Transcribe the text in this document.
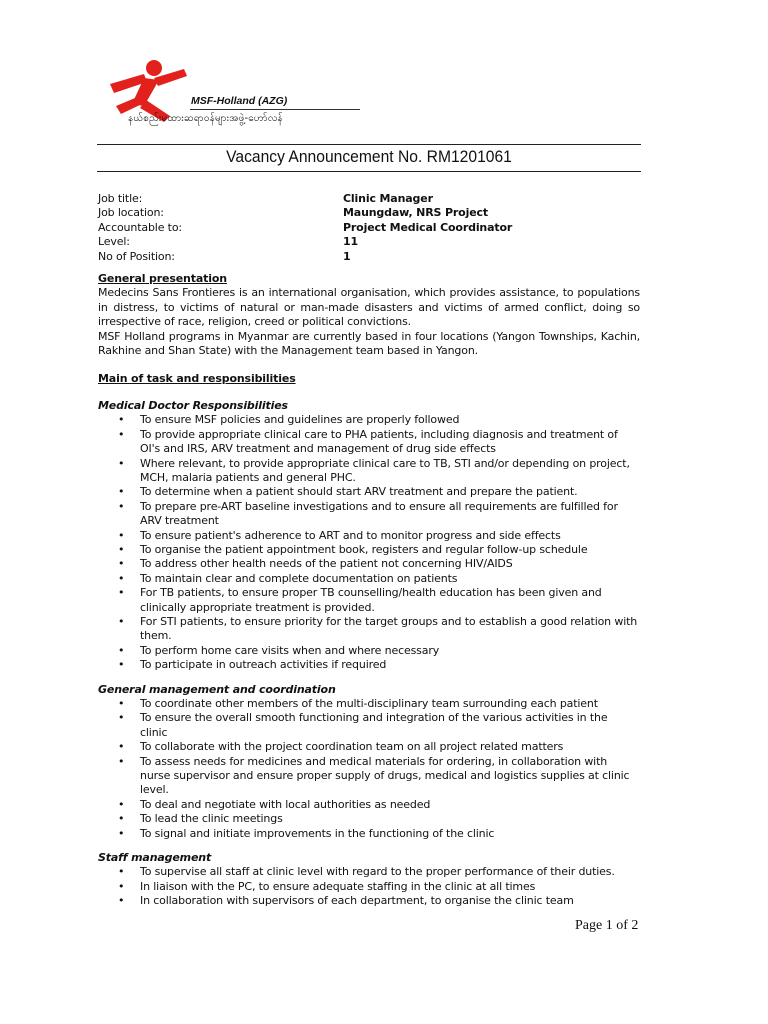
MSF-Holland (AZG)
နယ်စည်းမထားဆရာဝန်များအဖွဲ့-ဟော်လန်
Vacancy Announcement No. RM1201061
Job title:	Clinic Manager
Job location:	Maungdaw, NRS Project
Accountable to:	Project Medical Coordinator
Level:	11
No of Position:	1
General presentation
Medecins Sans Frontieres is an international organisation, which provides assistance, to populations in distress, to victims of natural or man-made disasters and victims of armed conflict, doing so irrespective of race, religion, creed or political convictions.
MSF Holland programs in Myanmar are currently based in four locations (Yangon Townships, Kachin, Rakhine and Shan State) with the Management team based in Yangon.
Main of task and responsibilities
Medical Doctor Responsibilities
• To ensure MSF policies and guidelines are properly followed
• To provide appropriate clinical care to PHA patients, including diagnosis and treatment of OI's and IRS, ARV treatment and management of drug side effects
• Where relevant, to provide appropriate clinical care to TB, STI and/or depending on project, MCH, malaria patients and general PHC.
• To determine when a patient should start ARV treatment and prepare the patient.
• To prepare pre-ART baseline investigations and to ensure all requirements are fulfilled for ARV treatment
• To ensure patient's adherence to ART and to monitor progress and side effects
• To organise the patient appointment book, registers and regular follow-up schedule
• To address other health needs of the patient not concerning HIV/AIDS
• To maintain clear and complete documentation on patients
• For TB patients, to ensure proper TB counselling/health education has been given and clinically appropriate treatment is provided.
• For STI patients, to ensure priority for the target groups and to establish a good relation with them.
• To perform home care visits when and where necessary
• To participate in outreach activities if required
General management and coordination
• To coordinate other members of the multi-disciplinary team surrounding each patient
• To ensure the overall smooth functioning and integration of the various activities in the clinic
• To collaborate with the project coordination team on all project related matters
• To assess needs for medicines and medical materials for ordering, in collaboration with nurse supervisor and ensure proper supply of drugs, medical and logistics supplies at clinic level.
• To deal and negotiate with local authorities as needed
• To lead the clinic meetings
• To signal and initiate improvements in the functioning of the clinic
Staff management
• To supervise all staff at clinic level with regard to the proper performance of their duties.
• In liaison with the PC, to ensure adequate staffing in the clinic at all times
• In collaboration with supervisors of each department, to organise the clinic team
Page 1 of 2
